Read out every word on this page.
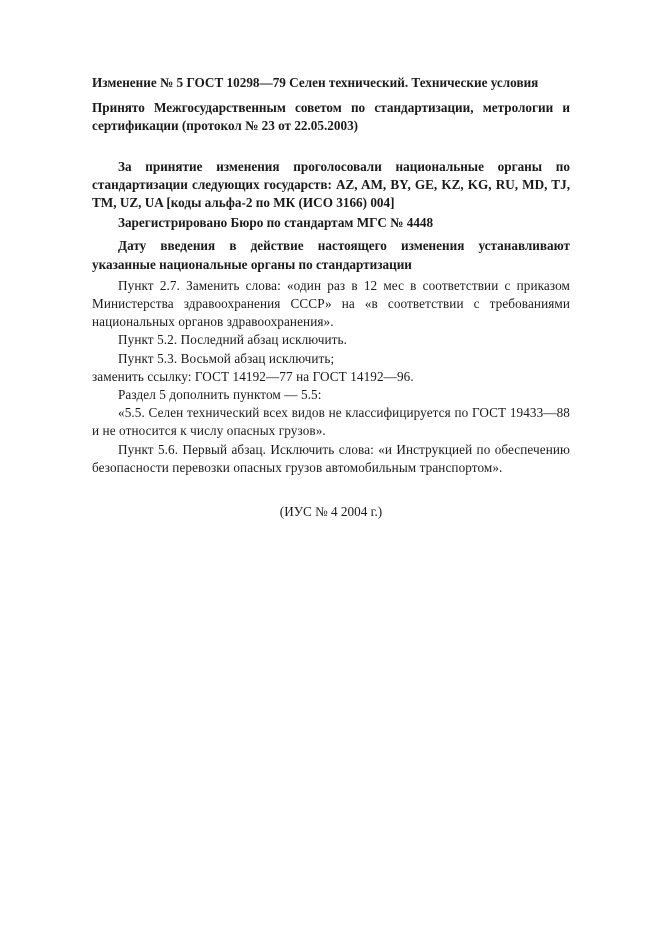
Изменение № 5 ГОСТ 10298—79 Селен технический. Технические условия

Принято Межгосударственным советом по стандартизации, метрологии и сертификации (протокол № 23 от 22.05.2003)

За принятие изменения проголосовали национальные органы по стандартизации следующих государств: AZ, AM, BY, GE, KZ, KG, RU, MD, TJ, TM, UZ, UA [коды альфа-2 по МК (ИСО 3166) 004]

Зарегистрировано Бюро по стандартам МГС № 4448

Дату введения в действие настоящего изменения устанавливают указанные национальные органы по стандартизации

Пункт 2.7. Заменить слова: «один раз в 12 мес в соответствии с приказом Министерства здравоохранения СССР» на «в соответствии с требованиями национальных органов здравоохранения».

Пункт 5.2. Последний абзац исключить.

Пункт 5.3. Восьмой абзац исключить;

заменить ссылку: ГОСТ 14192—77 на ГОСТ 14192—96.

Раздел 5 дополнить пунктом — 5.5:

«5.5. Селен технический всех видов не классифицируется по ГОСТ 19433—88 и не относится к числу опасных грузов».

Пункт 5.6. Первый абзац. Исключить слова: «и Инструкцией по обеспечению безопасности перевозки опасных грузов автомобильным транспортом».

(ИУС № 4 2004 г.)
